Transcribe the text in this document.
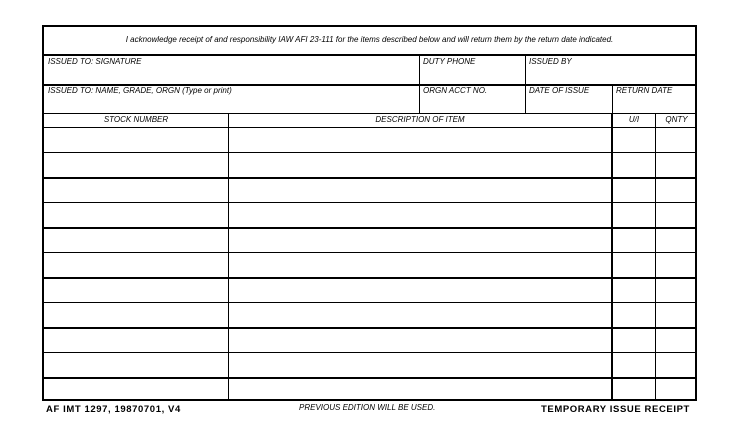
I acknowledge receipt of and responsibility IAW AFI 23-111 for the items described below and will return them by the return date indicated.
ISSUED TO: SIGNATURE	DUTY PHONE	ISSUED BY
ISSUED TO: NAME, GRADE, ORGN (Type or print)	ORGN ACCT NO.	DATE OF ISSUE	RETURN DATE
STOCK NUMBER	DESCRIPTION OF ITEM	U/I	QNTY
AF IMT 1297, 19870701, V4	PREVIOUS EDITION WILL BE USED.	TEMPORARY ISSUE RECEIPT
